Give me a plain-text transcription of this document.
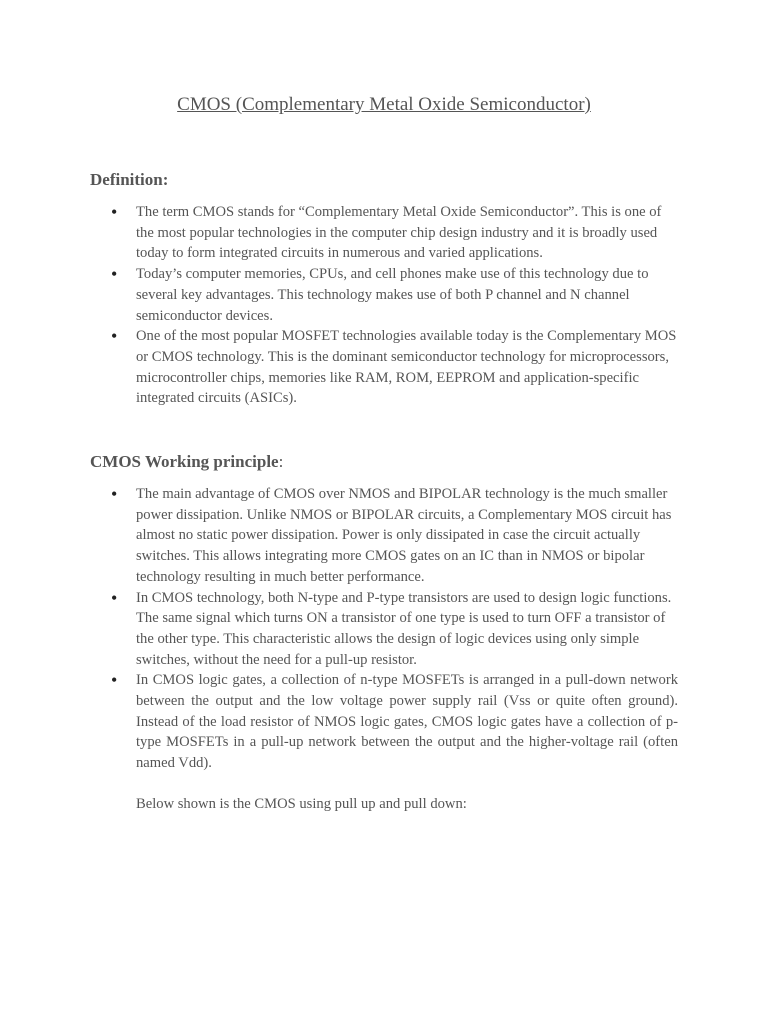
CMOS (Complementary Metal Oxide Semiconductor)
Definition:
• The term CMOS stands for “Complementary Metal Oxide Semiconductor”. This is one of the most popular technologies in the computer chip design industry and it is broadly used today to form integrated circuits in numerous and varied applications.
• Today’s computer memories, CPUs, and cell phones make use of this technology due to several key advantages. This technology makes use of both P channel and N channel semiconductor devices.
• One of the most popular MOSFET technologies available today is the Complementary MOS or CMOS technology. This is the dominant semiconductor technology for microprocessors, microcontroller chips, memories like RAM, ROM, EEPROM and application-specific integrated circuits (ASICs).
CMOS Working principle:
• The main advantage of CMOS over NMOS and BIPOLAR technology is the much smaller power dissipation. Unlike NMOS or BIPOLAR circuits, a Complementary MOS circuit has almost no static power dissipation. Power is only dissipated in case the circuit actually switches. This allows integrating more CMOS gates on an IC than in NMOS or bipolar technology resulting in much better performance.
• In CMOS technology, both N-type and P-type transistors are used to design logic functions. The same signal which turns ON a transistor of one type is used to turn OFF a transistor of the other type. This characteristic allows the design of logic devices using only simple switches, without the need for a pull-up resistor.
• In CMOS logic gates, a collection of n-type MOSFETs is arranged in a pull-down network between the output and the low voltage power supply rail (Vss or quite often ground). Instead of the load resistor of NMOS logic gates, CMOS logic gates have a collection of p-type MOSFETs in a pull-up network between the output and the higher-voltage rail (often named Vdd).
Below shown is the CMOS using pull up and pull down:
